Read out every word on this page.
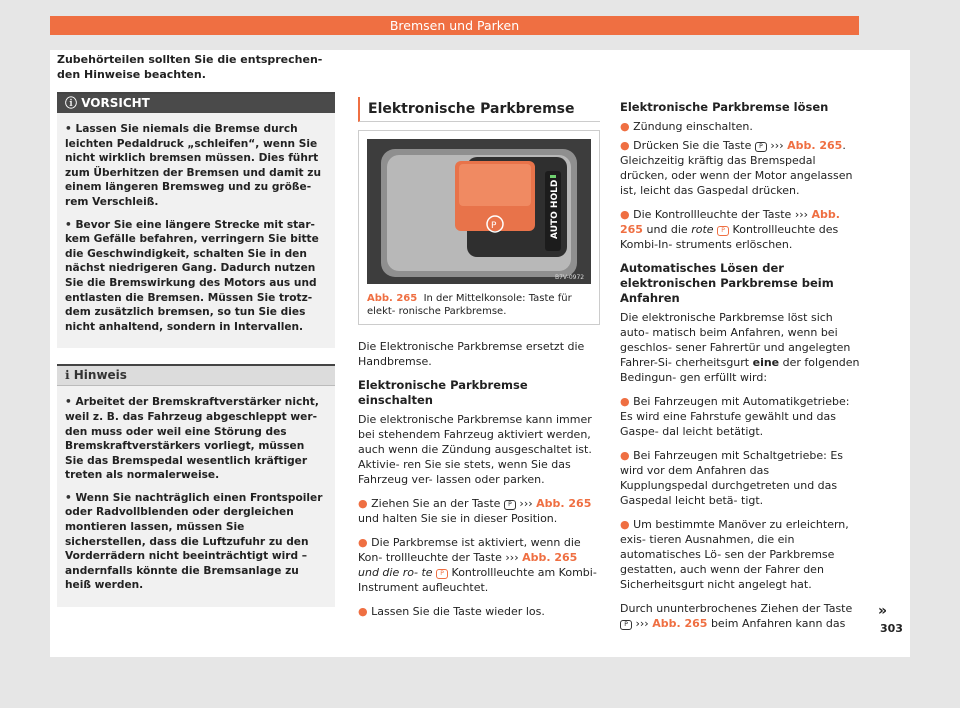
Bremsen und Parken

Zubehörteilen sollten Sie die entsprechen- den Hinweise beachten.

ⓘ VORSICHT

• Lassen Sie niemals die Bremse durch leichten Pedaldruck „schleifen“, wenn Sie nicht wirklich bremsen müssen. Dies führt zum Überhitzen der Bremsen und damit zu einem längeren Bremsweg und zu größe- rem Verschleiß.

• Bevor Sie eine längere Strecke mit star- kem Gefälle befahren, verringern Sie bitte die Geschwindigkeit, schalten Sie in den nächst niedrigeren Gang. Dadurch nutzen Sie die Bremswirkung des Motors aus und entlasten die Bremsen. Müssen Sie trotz- dem zusätzlich bremsen, so tun Sie dies nicht anhaltend, sondern in Intervallen.

ℹ Hinweis

• Arbeitet der Bremskraftverstärker nicht, weil z. B. das Fahrzeug abgeschleppt wer- den muss oder weil eine Störung des Bremskraftverstärkers vorliegt, müssen Sie das Bremspedal wesentlich kräftiger treten als normalerweise.

• Wenn Sie nachträglich einen Frontspoiler oder Radvollblenden oder dergleichen montieren lassen, müssen Sie sicherstellen, dass die Luftzufuhr zu den Vorderrädern nicht beeinträchtigt wird – andernfalls könnte die Bremsanlage zu heiß werden.

Elektronische Parkbremse
P	AUTO HOLD
B7V-0972
Abb. 265 In der Mittelkonsole: Taste für elekt- ronische Parkbremse.

Die Elektronische Parkbremse ersetzt die Handbremse.

Elektronische Parkbremse einschalten

Die elektronische Parkbremse kann immer bei stehendem Fahrzeug aktiviert werden, auch wenn die Zündung ausgeschaltet ist. Aktivie- ren Sie sie stets, wenn Sie das Fahrzeug ver- lassen oder parken.

● Ziehen Sie an der Taste P ››› Abb. 265 und halten Sie sie in dieser Position.

● Die Parkbremse ist aktiviert, wenn die Kon- trollleuchte der Taste ››› Abb. 265 und die ro- te P Kontrollleuchte am Kombi-Instrument aufleuchtet.

● Lassen Sie die Taste wieder los.

Elektronische Parkbremse lösen

● Zündung einschalten.

● Drücken Sie die Taste P ››› Abb. 265. Gleichzeitig kräftig das Bremspedal drücken, oder wenn der Motor angelassen ist, leicht das Gaspedal drücken.

● Die Kontrollleuchte der Taste ››› Abb. 265 und die rote P Kontrollleuchte des Kombi-In- struments erlöschen.

Automatisches Lösen der elektronischen Parkbremse beim Anfahren

Die elektronische Parkbremse löst sich auto- matisch beim Anfahren, wenn bei geschlos- sener Fahrertür und angelegten Fahrer-Si- cherheitsgurt eine der folgenden Bedingun- gen erfüllt wird:

● Bei Fahrzeugen mit Automatikgetriebe: Es wird eine Fahrstufe gewählt und das Gaspe- dal leicht betätigt.

● Bei Fahrzeugen mit Schaltgetriebe: Es wird vor dem Anfahren das Kupplungspedal durchgetreten und das Gaspedal leicht betä- tigt.

● Um bestimmte Manöver zu erleichtern, exis- tieren Ausnahmen, die ein automatisches Lö- sen der Parkbremse gestatten, auch wenn der Fahrer den Sicherheitsgurt nicht angelegt hat.

Durch ununterbrochenes Ziehen der Taste P ››› Abb. 265 beim Anfahren kann das

»
303
